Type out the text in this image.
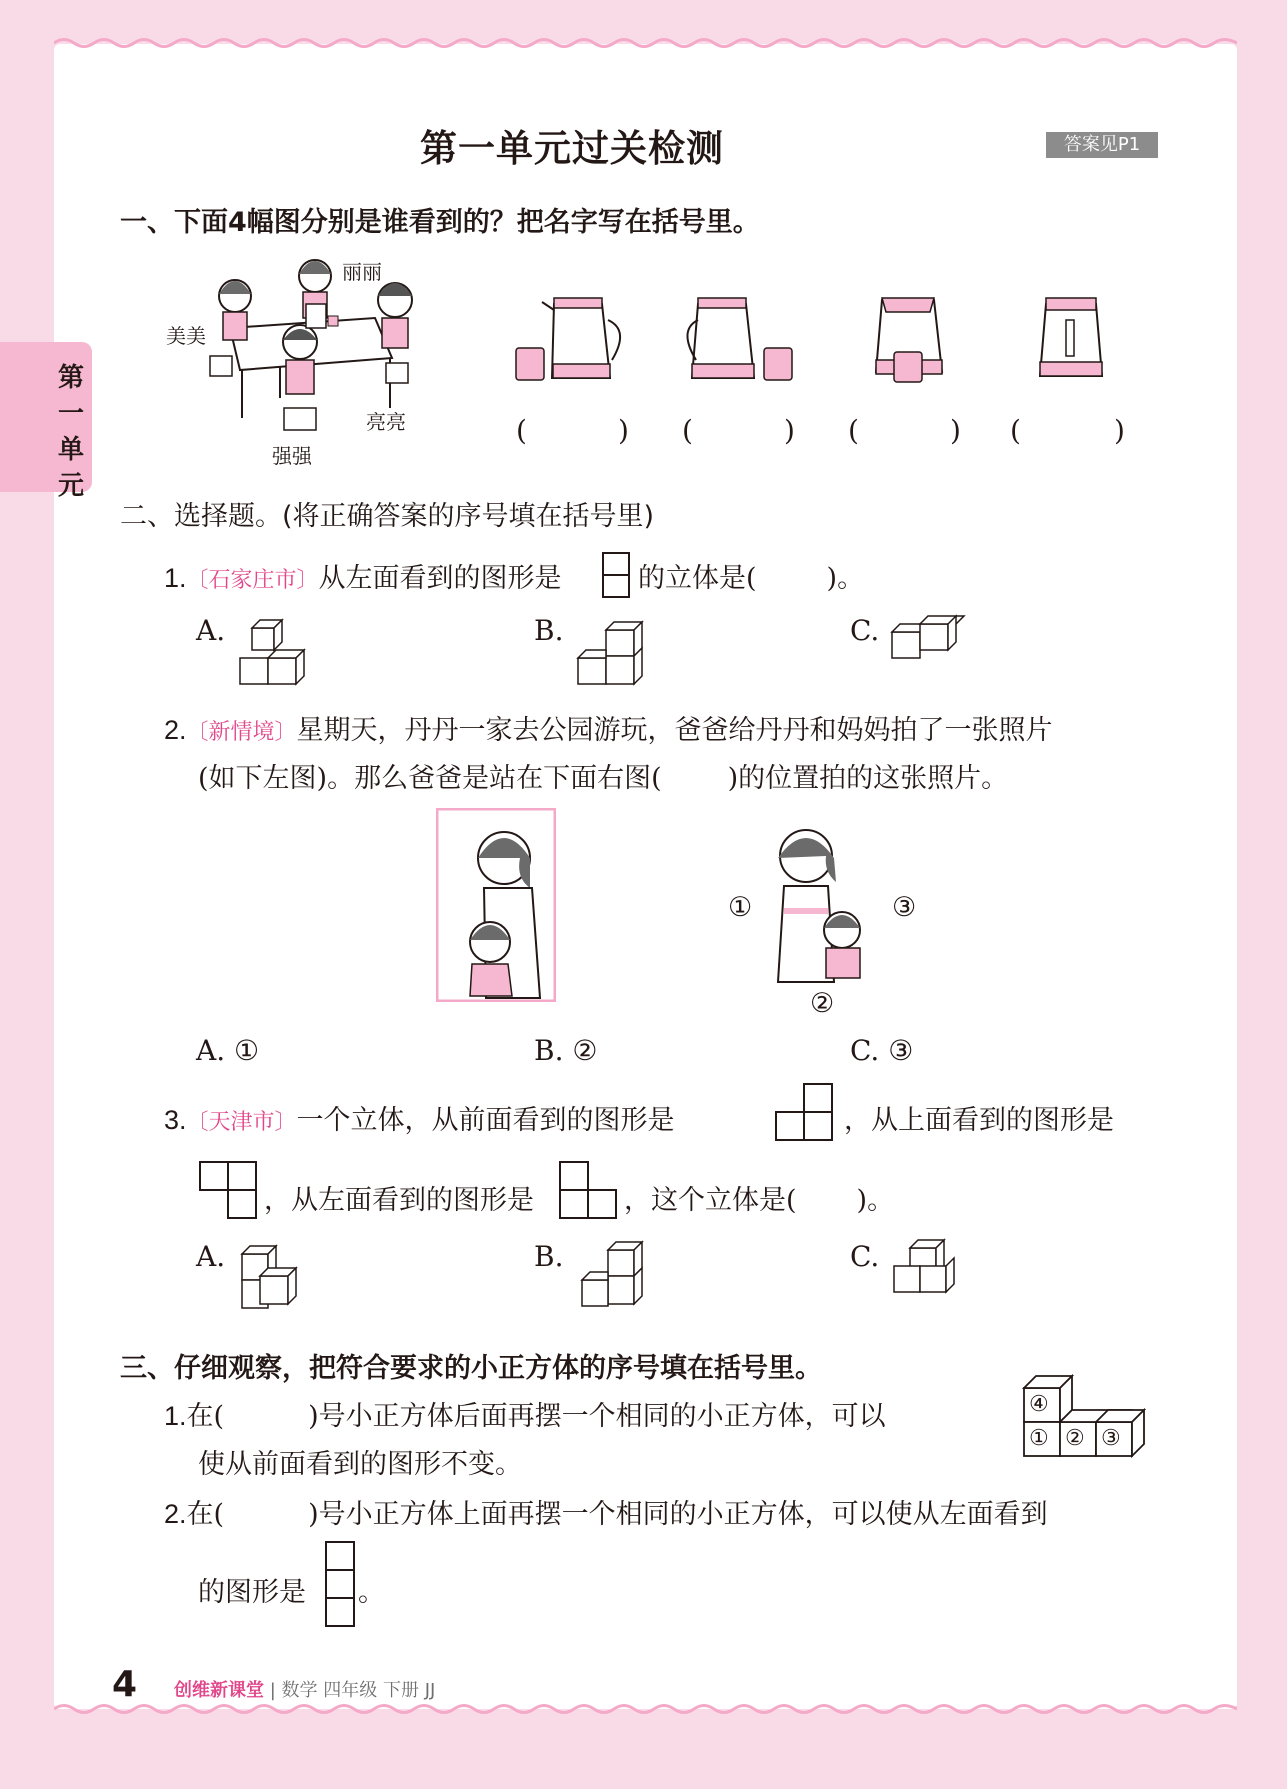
第一单元
第一单元过关检测	答案见P1
一、下面4幅图分别是谁看到的？把名字写在括号里。
丽丽
美美
亮亮
强强
(	) (	) (	) (	)
二、选择题。(将正确答案的序号填在括号里)
1.〔石家庄市〕从左面看到的图形是	的立体是(	)。
A.	B.	C.
2.〔新情境〕星期天，丹丹一家去公园游玩，爸爸给丹丹和妈妈拍了一张照片
(如下左图)。那么爸爸是站在下面右图( )的位置拍的这张照片。
①
②
③
A. ①	B. ②	C. ③
3.〔天津市〕一个立体，从前面看到的图形是	，从上面看到的图形是
，从左面看到的图形是	，这个立体是( )。
A.	B.	C.
三、仔细观察，把符合要求的小正方体的序号填在括号里。
1.在(	)号小正方体后面再摆一个相同的小正方体，可以
使从前面看到的图形不变。
④
① ② ③
2.在(	)号小正方体上面再摆一个相同的小正方体，可以使从左面看到
的图形是 。
4 创维新课堂 | 数学 四年级 下册 JJ
